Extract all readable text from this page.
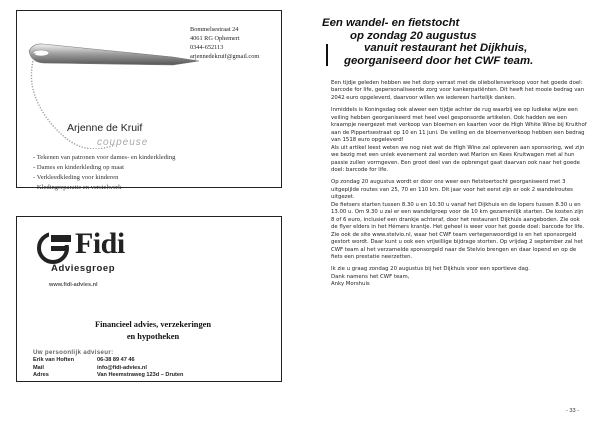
Bommelsestraat 24
4061 RG Ophemert
0344-652113
arjennedekruif@gmail.com
Arjenne de Kruif
coupeuse
- Tekenen van patronen voor dames- en kinderkleding
- Dames en kinderkleding op maat
- Verkleedkleding voor kinderen
- Kledingreparatie en verstelwerk
Fidi
Adviesgroep
www.fidi-advies.nl
Financieel advies, verzekeringen
en hypotheken
Uw persoonlijk adviseur:
Erik van Hoften	06-38 89 47 46
Mail	info@fidi-advies.nl
Adres	Van Heemstraweg 123d – Druten
Een wandel- en fietstocht
op zondag 20 augustus
vanuit restaurant het Dijkhuis,
georganiseerd door het CWF team.

Een tijdje geleden hebben we het dorp verrast met de oliebollenverkoop voor het goede doel: barcode for life, gepersonaliseerde zorg voor kankerpatiënten. Dit heeft het mooie bedrag van 2042 euro opgeleverd, daarvoor willen we iedereen hartelijk danken.

Inmiddels is Koningsdag ook alweer een tijdje achter de rug waarbij we op ludieke wijze een veiling hebben georganiseerd met heel veel gesponsorde artikelen. Ook hadden we een kraampje neergezet met verkoop van bloemen en kaarten voor de High White Wine bij Kruithof aan de Pippertsestraat op 10 en 11 juni. De veiling en de bloemenverkoop hebben een bedrag van 1518 euro opgeleverd!
Als uit artikel leest weten we nog niet wat de High Wine zal opleveren aan sponsoring, wel zijn we bezig met een uniek evenement zal worden wat Marion en Kees Kruitwagen met al hun passie zullen vormgeven. Een groot deel van de opbrengst gaat daarvan ook naar het goede doel: barcode for life.

Op zondag 20 augustus wordt er door ons weer een fietstoertocht georganiseerd met 3 uitgepijlde routes van 25, 70 en 110 km. Dit jaar voor het eerst zijn er ook 2 wandelroutes uitgezet.
De fietsers starten tussen 8.30 u en 10.30 u vanaf het Dijkhuis en de lopers tussen 8.30 u en 13.00 u. Om 9.30 u zal er een wandelgroep voor de 10 km gezamenlijk starten. De kosten zijn 8 of 6 euro, inclusief een drankje achteraf, door het restaurant Dijkhuis aangeboden. Zie ook de flyer elders in het Hémers krantje. Het geheel is weer voor het goede doel: barcode for life.
Zie ook de site www.stelvio.nl, waar het CWF team vertegenwoordigd is en het sponsorgeld gestort wordt. Daar kunt u ook een vrijwillige bijdrage storten. Op vrijdag 2 september zal het CWF team al het verzamelde sponsorgeld naar de Stelvio brengen en daar lopend en op de fiets een prestatie neerzetten.

Ik zie u graag zondag 20 augustus bij het Dijkhuis voor een sportieve dag.
Dank namens het CWF team,
Anky Morshuis

- 33 -
